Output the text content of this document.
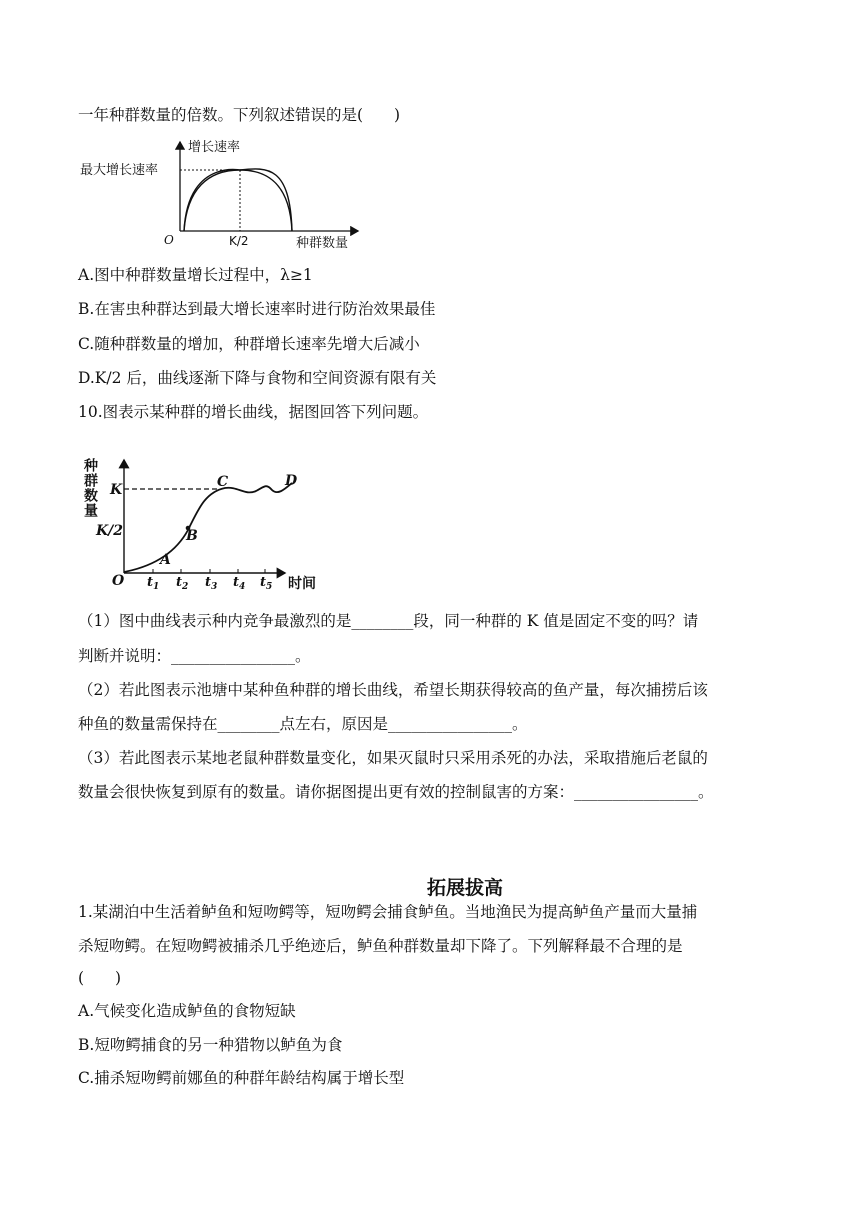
一年种群数量的倍数。下列叙述错误的是(　　)
增长速率
最大增长速率
O	K/2	种群数量
A.图中种群数量增长过程中，λ≥1
B.在害虫种群达到最大增长速率时进行防治效果最佳
C.随种群数量的增加，种群增长速率先增大后减小
D.K/2 后，曲线逐渐下降与食物和空间资源有限有关
10.图表示某种群的增长曲线，据图回答下列问题。
种群数量 K
K/2
O
A
B
C	D
$t_1$ $t_2$ $t_3$ $t_4$ $t_5$ 时间
（1）图中曲线表示种内竞争最激烈的是________段，同一种群的 K 值是固定不变的吗？请
判断并说明：________________。
（2）若此图表示池塘中某种鱼种群的增长曲线，希望长期获得较高的鱼产量，每次捕捞后该
种鱼的数量需保持在________点左右，原因是________________。
（3）若此图表示某地老鼠种群数量变化，如果灭鼠时只采用杀死的办法，采取措施后老鼠的
数量会很快恢复到原有的数量。请你据图提出更有效的控制鼠害的方案：________________。
拓展拔高
1.某湖泊中生活着鲈鱼和短吻鳄等，短吻鳄会捕食鲈鱼。当地渔民为提高鲈鱼产量而大量捕
杀短吻鳄。在短吻鳄被捕杀几乎绝迹后，鲈鱼种群数量却下降了。下列解释最不合理的是
(　　)
A.气候变化造成鲈鱼的食物短缺
B.短吻鳄捕食的另一种猎物以鲈鱼为食
C.捕杀短吻鳄前娜鱼的种群年龄结构属于增长型
